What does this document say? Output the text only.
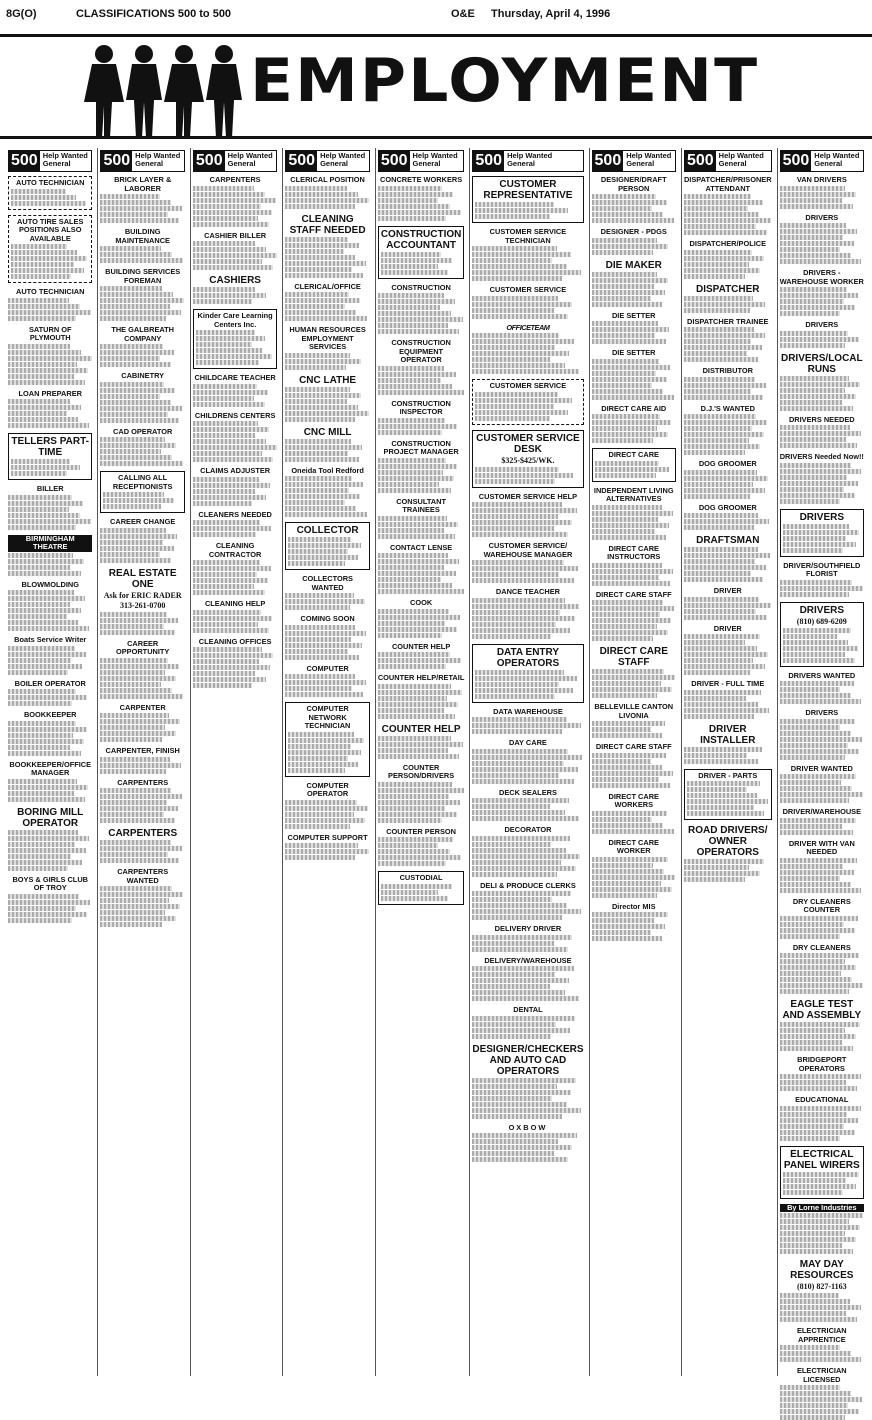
8G(O)	CLASSIFICATIONS 500 to 500	O&E Thursday, April 4, 1996
EMPLOYMENT
500 Help Wanted
General
AUTO TECHNICIAN
AUTO TIRE SALES POSITIONS ALSO AVAILABLE
AUTO TECHNICIAN
SATURN OF PLYMOUTH
LOAN PREPARER
TELLERS PART-TIME
BILLER
BIRMINGHAM THEATRE
BLOWMOLDING
Boats Service Writer
BOILER OPERATOR
BOOKKEEPER
BOOKKEEPER/OFFICE MANAGER
BORING MILL OPERATOR
BOYS & GIRLS CLUB OF TROY
500 Help Wanted
General
BRICK LAYER & LABORER
BUILDING MAINTENANCE
BUILDING SERVICES FOREMAN
THE GALBREATH COMPANY
CABINETRY
CAD OPERATOR
CALLING ALL RECEPTIONISTS
CAREER CHANGE
REAL ESTATE ONE
Ask for ERIC RADER 313-261-0700
CAREER OPPORTUNITY
CARPENTER
CARPENTER, FINISH
CARPENTERS
CARPENTERS
CARPENTERS WANTED
500 Help Wanted
General
CARPENTERS
CASHIER BILLER
CASHIERS
Kinder Care Learning Centers Inc.
CHILDCARE TEACHER
CHILDRENS CENTERS
CLAIMS ADJUSTER
CLEANERS NEEDED
CLEANING CONTRACTOR
CLEANING HELP
CLEANING OFFICES
500 Help Wanted
General
CLERICAL POSITION
CLEANING STAFF NEEDED
CLERICAL/OFFICE
HUMAN RESOURCES EMPLOYMENT SERVICES
CNC LATHE
CNC MILL
Oneida Tool Redford
COLLECTOR
COLLECTORS WANTED
COMING SOON
COMPUTER
COMPUTER NETWORK TECHNICIAN
COMPUTER OPERATOR
COMPUTER SUPPORT
500 Help Wanted
General
CONCRETE WORKERS
CONSTRUCTION ACCOUNTANT
CONSTRUCTION
CONSTRUCTION EQUIPMENT OPERATOR
CONSTRUCTION INSPECTOR
CONSTRUCTION PROJECT MANAGER
CONSULTANT TRAINEES
CONTACT LENSE
COOK
COUNTER HELP
COUNTER HELP/RETAIL
COUNTER HELP
COUNTER PERSON/DRIVERS
COUNTER PERSON
CUSTODIAL
500 Help Wanted
General
CUSTOMER REPRESENTATIVE
CUSTOMER SERVICE TECHNICIAN
CUSTOMER SERVICE
OFFICETEAM
CUSTOMER SERVICE
CUSTOMER SERVICE DESK
$325-$425/WK.
CUSTOMER SERVICE HELP
CUSTOMER SERVICE/ WAREHOUSE MANAGER
DANCE TEACHER
DATA ENTRY OPERATORS
DATA WAREHOUSE
DAY CARE
DECK SEALERS
DECORATOR
DELI & PRODUCE CLERKS
DELIVERY DRIVER
DELIVERY/WAREHOUSE
DENTAL
DESIGNER/CHECKERS AND AUTO CAD OPERATORS
OXBOW
500 Help Wanted
General
DESIGNER/DRAFT PERSON
DESIGNER - PDGS
DIE MAKER
DIE SETTER
DIE SETTER
DIRECT CARE AID
DIRECT CARE
INDEPENDENT LIVING ALTERNATIVES
DIRECT CARE INSTRUCTORS
DIRECT CARE STAFF
DIRECT CARE STAFF
BELLEVILLE CANTON LIVONIA
DIRECT CARE STAFF
DIRECT CARE WORKERS
DIRECT CARE WORKER
Director MIS
500 Help Wanted
General
DISPATCHER/PRISONER ATTENDANT
DISPATCHER/POLICE
DISPATCHER
DISPATCHER TRAINEE
DISTRIBUTOR
D.J.'S WANTED
DOG GROOMER
DOG GROOMER
DRAFTSMAN
DRIVER
DRIVER
DRIVER - FULL TIME
DRIVER INSTALLER
DRIVER - PARTS
ROAD DRIVERS/ OWNER OPERATORS
500 Help Wanted
General
VAN DRIVERS
DRIVERS
DRIVERS - WAREHOUSE WORKER
DRIVERS
DRIVERS/LOCAL RUNS
DRIVERS NEEDED
DRIVERS Needed Now!!
DRIVERS
DRIVER/SOUTHFIELD FLORIST
DRIVERS
(810) 689-6209
DRIVERS WANTED
DRIVERS
DRIVER WANTED
DRIVER/WAREHOUSE
DRIVER WITH VAN NEEDED
DRY CLEANERS COUNTER
DRY CLEANERS
EAGLE TEST AND ASSEMBLY
BRIDGEPORT OPERATORS
EDUCATIONAL
ELECTRICAL PANEL WIRERS
By Lorne Industries
MAY DAY RESOURCES
(810) 827-1163
ELECTRICIAN APPRENTICE
ELECTRICIAN LICENSED
